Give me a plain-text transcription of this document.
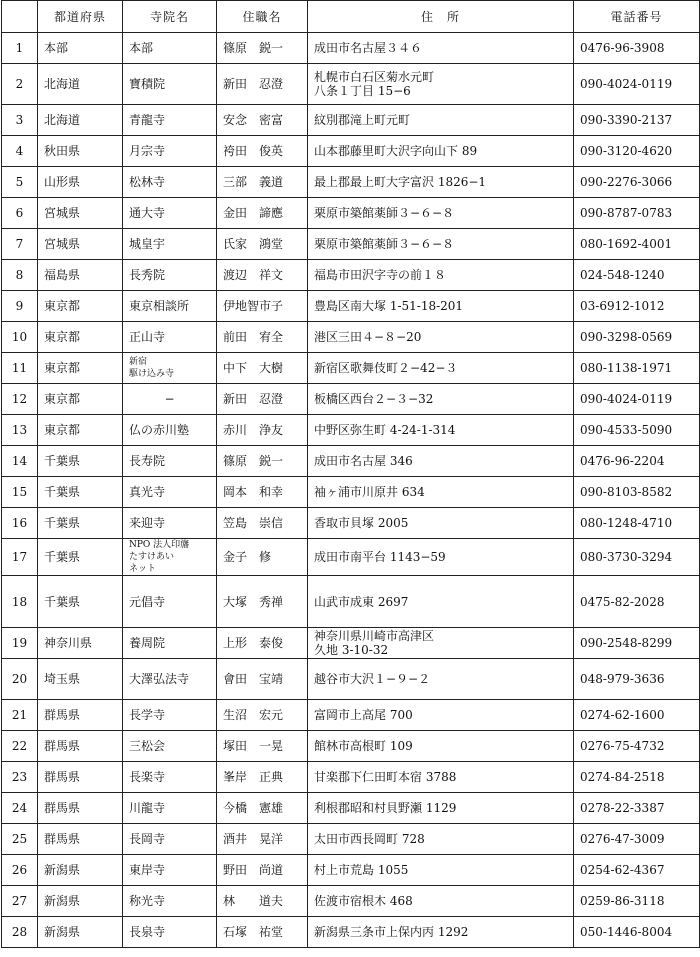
	都道府県	寺院名	住職名	住　所	電話番号
1	本部	本部	篠原　鋭一	成田市名古屋３４６	0476-96-3908
2	北海道	寶積院	新田　忍澄	札幌市白石区菊水元町
八条１丁目 15−6	090-4024-0119
3	北海道	青龍寺	安念　密富	紋別郡滝上町元町	090-3390-2137
4	秋田県	月宗寺	袴田　俊英	山本郡藤里町大沢字向山下 89	090-3120-4620
5	山形県	松林寺	三部　義道	最上郡最上町大字富沢 1826−1	090-2276-3066
6	宮城県	通大寺	金田　諦應	栗原市築館薬師３−６−８	090-8787-0783
7	宮城県	城皇宇	氏家　鴻堂	栗原市築館薬師３−６−８	080-1692-4001
8	福島県	長秀院	渡辺　祥文	福島市田沢字寺の前１８	024-548-1240
9	東京都	東京相談所	伊地智市子	豊島区南大塚 1-51-18-201	03-6912-1012
10	東京都	正山寺	前田　宥全	港区三田４−８−20	090-3298-0569
11	東京都	新宿
駆け込み寺	中下　大樹	新宿区歌舞伎町２−42−３	080-1138-1971
12	東京都	−	新田　忍澄	板橋区西台２−３−32	090-4024-0119
13	東京都	仏の赤川塾	赤川　浄友	中野区弥生町 4-24-1-314	090-4533-5090
14	千葉県	長寿院	篠原　鋭一	成田市名古屋 346	0476-96-2204
15	千葉県	真光寺	岡本　和幸	袖ヶ浦市川原井 634	090-8103-8582
16	千葉県	来迎寺	笠島　崇信	香取市貝塚 2005	080-1248-4710
17	千葉県	NPO 法人印旛
たすけあい
ネット	金子　修	成田市南平台 1143−59	080-3730-3294
18	千葉県	元倡寺	大塚　秀禅	山武市成東 2697	0475-82-2028
19	神奈川県	養周院	上形　泰俊	神奈川県川崎市高津区
久地 3-10-32	090-2548-8299
20	埼玉県	大澤弘法寺	會田　宝靖	越谷市大沢１−９−２	048-979-3636
21	群馬県	長学寺	生沼　宏元	富岡市上高尾 700	0274-62-1600
22	群馬県	三松会	塚田　一晃	館林市高根町 109	0276-75-4732
23	群馬県	長楽寺	峯岸　正典	甘楽郡下仁田町本宿 3788	0274-84-2518
24	群馬県	川龍寺	今橋　憲雄	利根郡昭和村貝野瀬 1129	0278-22-3387
25	群馬県	長岡寺	酒井　晃洋	太田市西長岡町 728	0276-47-3009
26	新潟県	東岸寺	野田　尚道	村上市荒島 1055	0254-62-4367
27	新潟県	称光寺	林　　道夫	佐渡市宿根木 468	0259-86-3118
28	新潟県	長泉寺	石塚　祐堂	新潟県三条市上保内丙 1292	050-1446-8004
